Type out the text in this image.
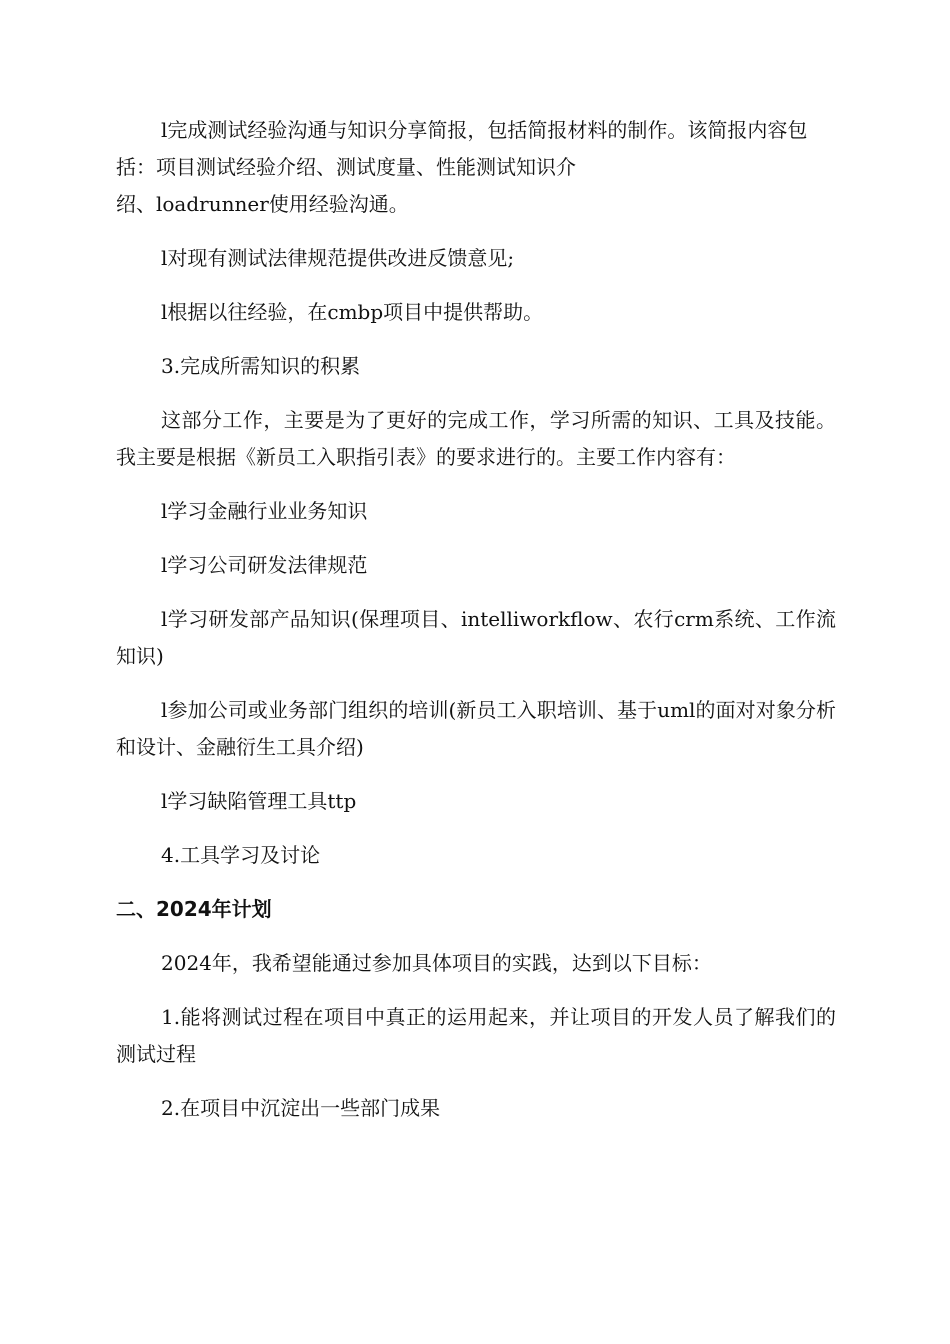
l完成测试经验沟通与知识分享简报，包括简报材料的制作。该简报内容包括：项目测试经验介绍、测试度量、性能测试知识介
绍、loadrunner使用经验沟通。

l对现有测试法律规范提供改进反馈意见;

l根据以往经验，在cmbp项目中提供帮助。

3.完成所需知识的积累

这部分工作，主要是为了更好的完成工作，学习所需的知识、工具及技能。我主要是根据《新员工入职指引表》的要求进行的。主要工作内容有：

l学习金融行业业务知识

l学习公司研发法律规范

l学习研发部产品知识(保理项目、intelliworkflow、农行crm系统、工作流知识)

l参加公司或业务部门组织的培训(新员工入职培训、基于uml的面对对象分析和设计、金融衍生工具介绍)

l学习缺陷管理工具ttp

4.工具学习及讨论

二、2024年计划

2024年，我希望能通过参加具体项目的实践，达到以下目标：

1.能将测试过程在项目中真正的运用起来，并让项目的开发人员了解我们的测试过程

2.在项目中沉淀出一些部门成果
